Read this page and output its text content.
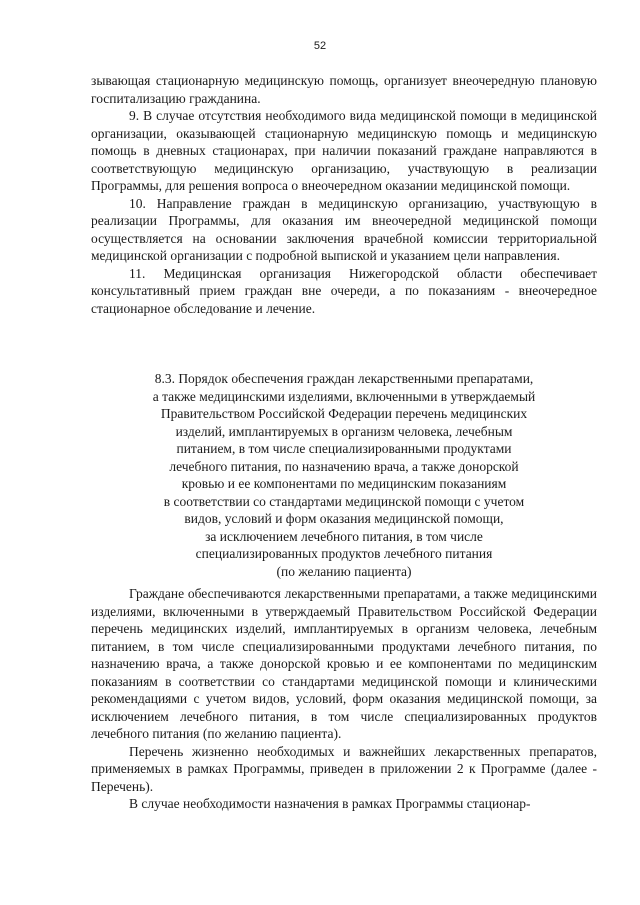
52

зывающая стационарную медицинскую помощь, организует внеочередную плановую госпитализацию гражданина.

9. В случае отсутствия необходимого вида медицинской помощи в медицинской организации, оказывающей стационарную медицинскую помощь и медицинскую помощь в дневных стационарах, при наличии показаний граждане направляются в соответствующую медицинскую организацию, участвующую в реализации Программы, для решения вопроса о внеочередном оказании медицинской помощи.

10. Направление граждан в медицинскую организацию, участвующую в реализации Программы, для оказания им внеочередной медицинской помощи осуществляется на основании заключения врачебной комиссии территориальной медицинской организации с подробной выпиской и указанием цели направления.

11. Медицинская организация Нижегородской области обеспечивает консультативный прием граждан вне очереди, а по показаниям - внеочередное стационарное обследование и лечение.

8.3. Порядок обеспечения граждан лекарственными препаратами,
а также медицинскими изделиями, включенными в утверждаемый
Правительством Российской Федерации перечень медицинских
изделий, имплантируемых в организм человека, лечебным
питанием, в том числе специализированными продуктами
лечебного питания, по назначению врача, а также донорской
кровью и ее компонентами по медицинским показаниям
в соответствии со стандартами медицинской помощи с учетом
видов, условий и форм оказания медицинской помощи,
за исключением лечебного питания, в том числе
специализированных продуктов лечебного питания
(по желанию пациента)

Граждане обеспечиваются лекарственными препаратами, а также медицинскими изделиями, включенными в утверждаемый Правительством Российской Федерации перечень медицинских изделий, имплантируемых в организм человека, лечебным питанием, в том числе специализированными продуктами лечебного питания, по назначению врача, а также донорской кровью и ее компонентами по медицинским показаниям в соответствии со стандартами медицинской помощи и клиническими рекомендациями с учетом видов, условий, форм оказания медицинской помощи, за исключением лечебного питания, в том числе специализированных продуктов лечебного питания (по желанию пациента).

Перечень жизненно необходимых и важнейших лекарственных препаратов, применяемых в рамках Программы, приведен в приложении 2 к Программе (далее - Перечень).

В случае необходимости назначения в рамках Программы стационар-
